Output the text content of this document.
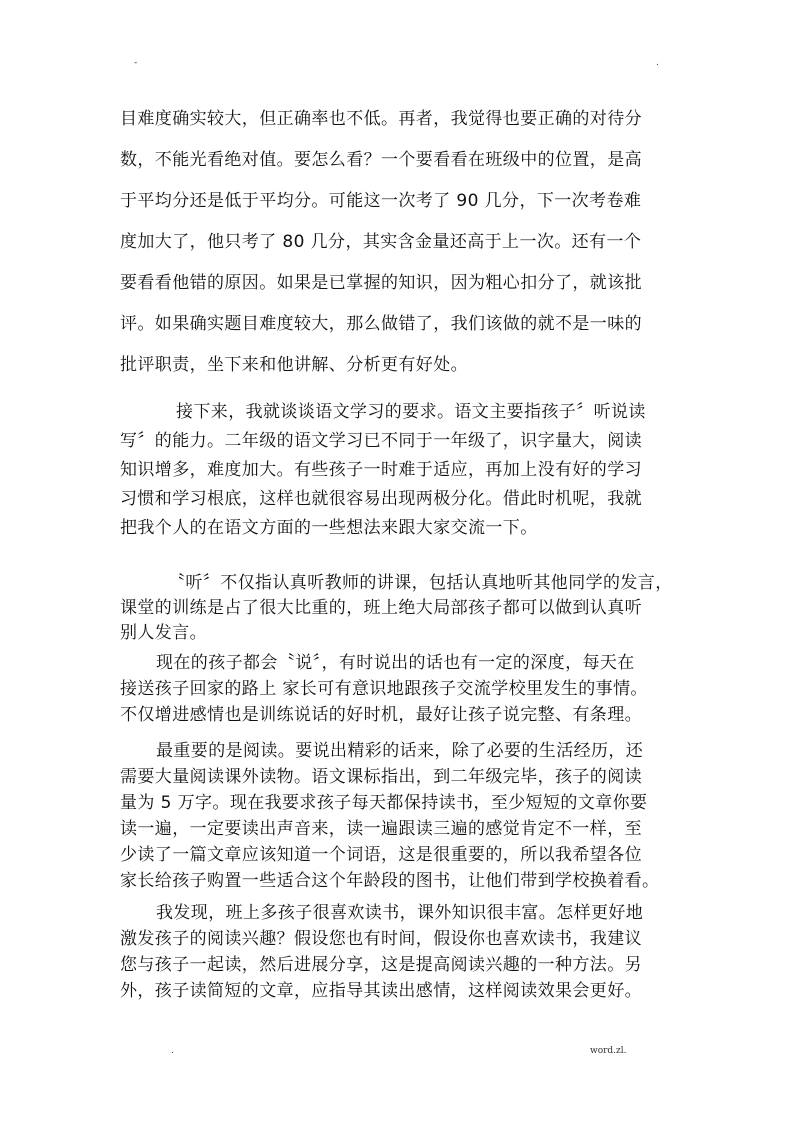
-	.
目难度确实较大，但正确率也不低。再者，我觉得也要正确的对待分
数，不能光看绝对值。要怎么看？一个要看看在班级中的位置，是高
于平均分还是低于平均分。可能这一次考了 90 几分，下一次考卷难
度加大了，他只考了 80 几分，其实含金量还高于上一次。还有一个
要看看他错的原因。如果是已掌握的知识，因为粗心扣分了，就该批
评。如果确实题目难度较大，那么做错了，我们该做的就不是一味的
批评职责，坐下来和他讲解、分析更有好处。
接下来，我就谈谈语文学习的要求。语文主要指孩子〞听说读
写〞的能力。二年级的语文学习已不同于一年级了，识字量大，阅读
知识增多，难度加大。有些孩子一时难于适应，再加上没有好的学习
习惯和学习根底，这样也就很容易出现两极分化。借此时机呢，我就
把我个人的在语文方面的一些想法来跟大家交流一下。
〝听〞不仅指认真听教师的讲课，包括认真地听其他同学的发言，
课堂的训练是占了很大比重的，班上绝大局部孩子都可以做到认真听
别人发言。
现在的孩子都会〝说〞，有时说出的话也有一定的深度，每天在
接送孩子回家的路上 家长可有意识地跟孩子交流学校里发生的事情。
不仅增进感情也是训练说话的好时机，最好让孩子说完整、有条理。
最重要的是阅读。要说出精彩的话来，除了必要的生活经历，还
需要大量阅读课外读物。语文课标指出，到二年级完毕，孩子的阅读
量为 5 万字。现在我要求孩子每天都保持读书，至少短短的文章你要
读一遍，一定要读出声音来，读一遍跟读三遍的感觉肯定不一样，至
少读了一篇文章应该知道一个词语，这是很重要的，所以我希望各位
家长给孩子购置一些适合这个年龄段的图书，让他们带到学校换着看。
我发现，班上多孩子很喜欢读书，课外知识很丰富。怎样更好地
激发孩子的阅读兴趣？假设您也有时间，假设你也喜欢读书，我建议
您与孩子一起读，然后进展分享，这是提高阅读兴趣的一种方法。另
外，孩子读简短的文章，应指导其读出感情，这样阅读效果会更好。
.	word.zl.
